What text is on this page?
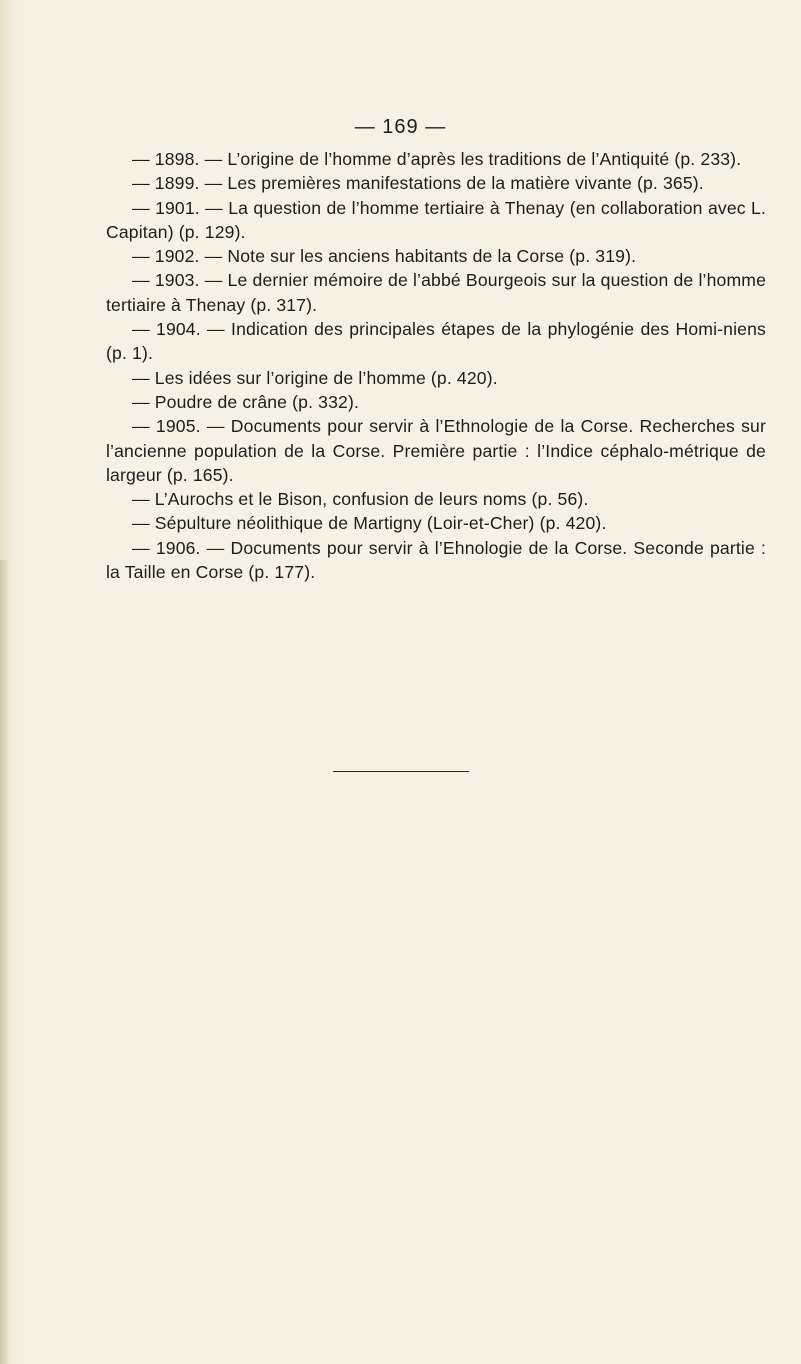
— 169 —

— 1898. — L’origine de l’homme d’après les traditions de l’Antiquité (p. 233).

— 1899. — Les premières manifestations de la matière vivante (p. 365).

— 1901. — La question de l’homme tertiaire à Thenay (en collaboration avec L. Capitan) (p. 129).

— 1902. — Note sur les anciens habitants de la Corse (p. 319).

— 1903. — Le dernier mémoire de l’abbé Bourgeois sur la question de l’homme tertiaire à Thenay (p. 317).

— 1904. — Indication des principales étapes de la phylogénie des Homi-niens (p. 1).

— Les idées sur l’origine de l’homme (p. 420).

— Poudre de crâne (p. 332).

— 1905. — Documents pour servir à l’Ethnologie de la Corse. Recherches sur l’ancienne population de la Corse. Première partie : l’Indice céphalo-métrique de largeur (p. 165).

— L’Aurochs et le Bison, confusion de leurs noms (p. 56).

— Sépulture néolithique de Martigny (Loir-et-Cher) (p. 420).

— 1906. — Documents pour servir à l’Ehnologie de la Corse. Seconde partie : la Taille en Corse (p. 177).
